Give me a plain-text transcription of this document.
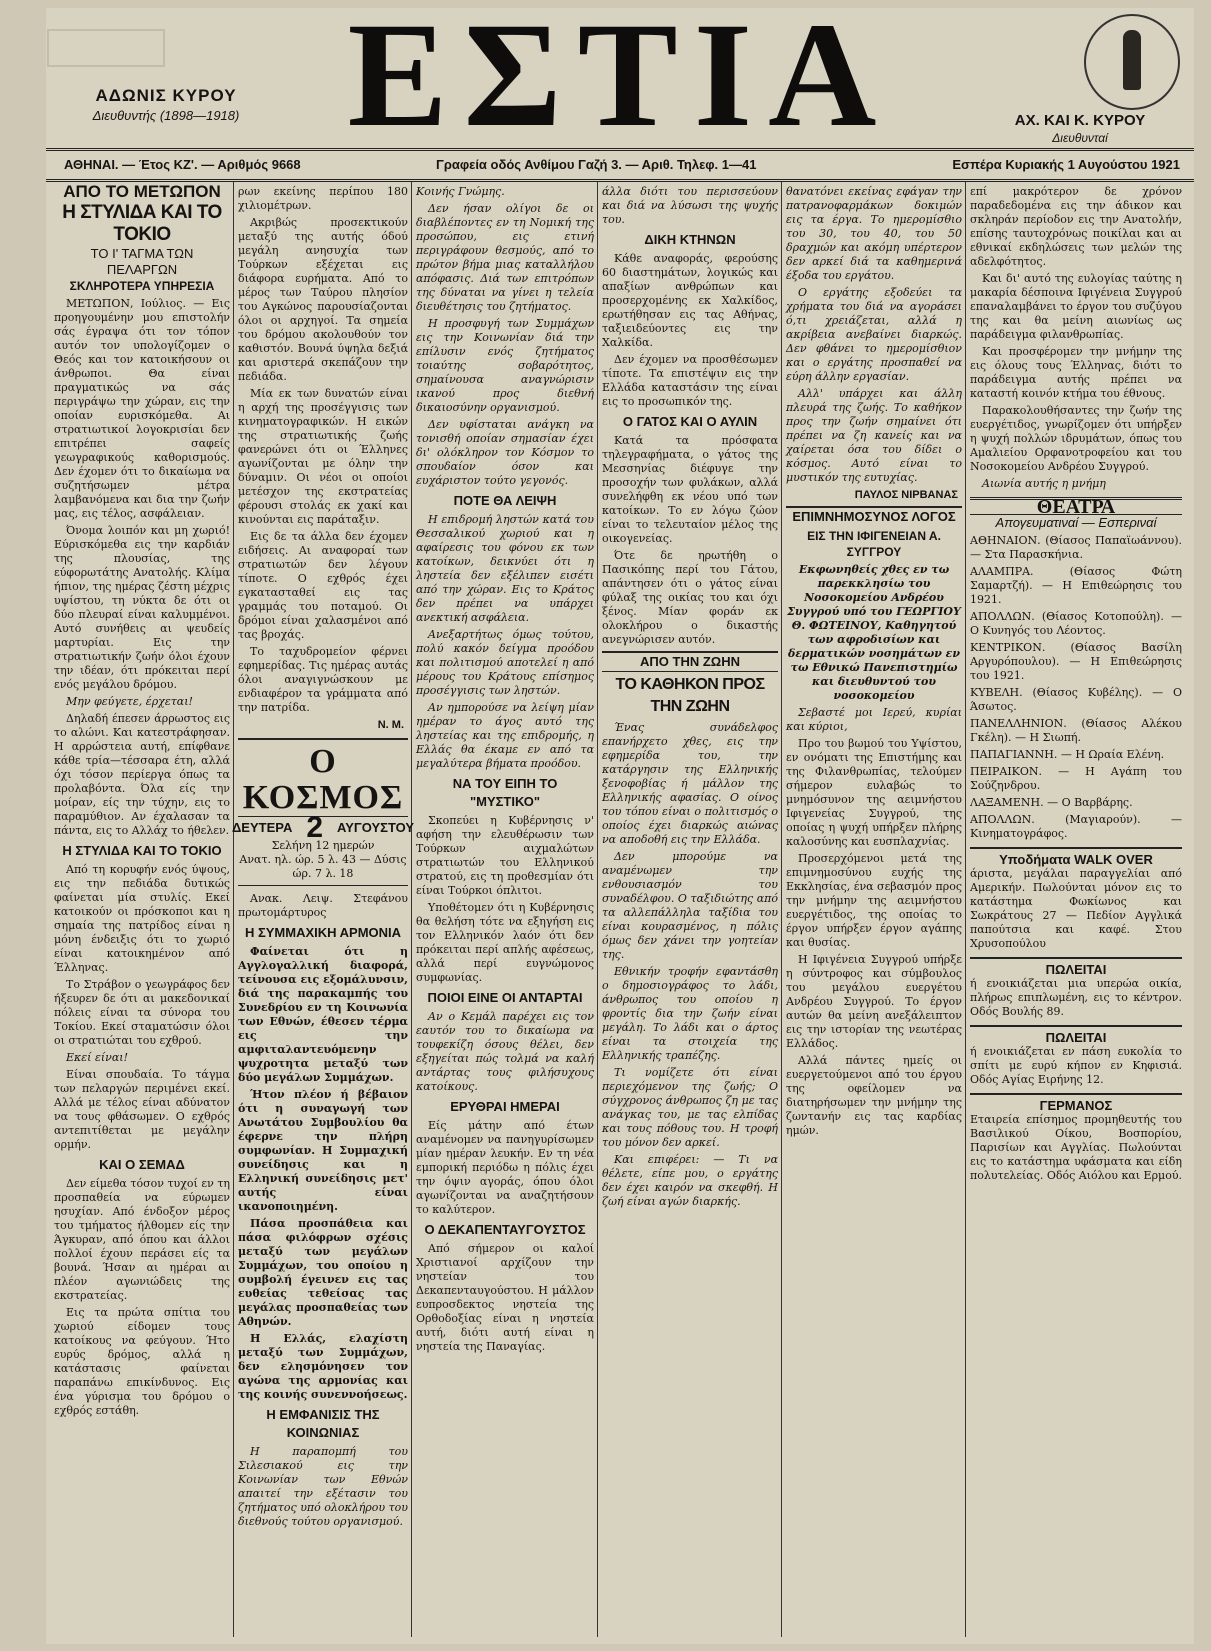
ΕΣΤΙΑ
ΑΔΩΝΙΣ ΚΥΡΟΥ
Διευθυντής (1898—1918)	ΑΧ. ΚΑΙ Κ. ΚΥΡΟΥ
Διευθυνταί
ΑΘΗΝΑΙ. — Έτος ΚΖ'. — Αριθμός 9668	Γραφεία οδός Ανθίμου Γαζή 3. — Αριθ. Τηλεφ. 1—41	Εσπέρα Κυριακής 1 Αυγούστου 1921
ΑΠΟ ΤΟ ΜΕΤΩΠΟΝ
Η ΣΤΥΛΙΔΑ ΚΑΙ ΤΟ ΤΟΚΙΟ
ΤΟ Ι' ΤΑΓΜΑ ΤΩΝ ΠΕΛΑΡΓΩΝ
ΣΚΛΗΡΟΤΕΡΑ ΥΠΗΡΕΣΙΑ

ΜΕΤΩΠΟΝ, Ιούλιος. — Εις προηγουμένην μου επιστολήν σάς έγραψα ότι τον τόπον αυτόν τον υπολογίζομεν ο Θεός και τον κατοικήσουν οι άνθρωποι. Θα είναι πραγματικώς να σάς περιγράψω την χώραν, εις την οποίαν ευρισκόμεθα. Αι στρατιωτικοί λογοκρισίαι δεν επιτρέπει σαφείς γεωγραφικούς καθορισμούς. Δεν έχομεν ότι το δικαίωμα να συζητήσωμεν μέτρα λαμβανόμενα και δια την ζωήν μας, εις τέλος, ασφάλειαν.

Όνομα λοιπόν και μη χωριό! Εύρισκόμεθα εις την καρδιάν της πλουσίας, της εύφορωτάτης Ανατολής. Κλίμα ήπιον, της ημέρας ζέστη μέχρις υψίστου, τη νύκτα δε ότι οι δύο πλευραί είναι καλυμμένοι. Αυτό συνήθεις αι ψευδείς μαρτυρίαι. Εις την στρατιωτικήν ζωήν όλοι έχουν την ιδέαν, ότι πρόκειται περί ενός μεγάλου δρόμου.

Μην φεύγετε, έρχεται!

Δηλαδή έπεσεν άρρωστος εις το αλώνι. Και κατεστράφησαν. Η αρρώστεια αυτή, επίφθανε κάθε τρία—τέσσαρα έτη, αλλά όχι τόσον περίεργα όπως τα προλαβόντα. Όλα είς την μοίραν, είς την τύχην, εις το παραμύθιον. Αν έχαλασαν τα πάντα, εις το Αλλάχ το ήθελεν.

Η ΣΤΥΛΙΔΑ ΚΑΙ ΤΟ ΤΟΚΙΟ

Από τη κορυφήν ενός ύψους, εις την πεδιάδα δυτικώς φαίνεται μία στυλίς. Εκεί κατοικούν οι πρόσκοποι και η σημαία της πατρίδος είναι η μόνη ένδειξις ότι το χωριό είναι κατοικημένον από Έλληνας.

Το Στράβον ο γεωγράφος δεν ήξευρεν δε ότι αι μακεδονικαί πόλεις είναι τα σύνορα του Τοκίου. Εκεί σταματώσιν όλοι οι στρατιώται του εχθρού.

Εκεί είναι!

Είναι σπουδαία. Το τάγμα των πελαργών περιμένει εκεί. Αλλά με τέλος είναι αδύνατον να τους φθάσωμεν. Ο εχθρός αντεπιτίθεται με μεγάλην ορμήν.

ΚΑΙ Ο ΣΕΜΑΔ

Δεν είμεθα τόσον τυχοί εν τη προσπαθεία να εύρωμεν ησυχίαν. Από ένδοξον μέρος του τμήματος ήλθομεν είς την Άγκυραν, από όπου και άλλοι πολλοί έχουν περάσει είς τα βουνά. Ήσαν αι ημέραι αι πλέον αγωνιώδεις της εκστρατείας.

Εις τα πρώτα σπίτια του χωριού είδομεν τους κατοίκους να φεύγουν. Ήτο ευρύς δρόμος, αλλά η κατάστασις φαίνεται παραπάνω επικίνδυνος. Εις ένα γύρισμα του δρόμου ο εχθρός εστάθη.

ρων εκείνης περίπου 180 χιλιομέτρων.

Ακριβώς προσεκτικούν μεταξύ της αυτής όδού μεγάλη ανησυχία των Τούρκων εξέχεται εις διάφορα ευρήματα. Από το μέρος των Ταύρου πλησίον του Αγκώνος παρουσίαζονται όλοι οι αρχηγοί. Τα σημεία του δρόμου ακολουθούν τον καθιστόν. Βουνά ύψηλα δεξιά και αριστερά σκεπάζουν την πεδιάδα.

Μία εκ των δυνατών είναι η αρχή της προσέγγισις των κινηματογραφικών. Η εικών της στρατιωτικής ζωής φανερώνει ότι οι Έλληνες αγωνίζονται με όλην την δύναμιν. Οι νέοι οι οποίοι μετέσχον της εκστρατείας φέρουσι στολάς εκ χακί και κινούνται εις παράταξιν.

Εις δε τα άλλα δεν έχομεν ειδήσεις. Αι αναφοραί των στρατιωτών δεν λέγουν τίποτε. Ο εχθρός έχει εγκατασταθεί εις τας γραμμάς του ποταμού. Οι δρόμοι είναι χαλασμένοι από τας βροχάς.

Το ταχυδρομείον φέρνει εφημερίδας. Τις ημέρας αυτάς όλοι αναγιγνώσκουν με ενδιαφέρον τα γράμματα από την πατρίδα.

Ν. Μ.
Ο ΚΟΣΜΟΣ
ΔΕΥΤΕΡΑ 2 ΑΥΓΟΥΣΤΟΥ
Σελήνη 12 ημερών
Ανατ. ηλ. ώρ. 5 λ. 43 — Δύσις ώρ. 7 λ. 18

Ανακ. Λειψ. Στεφάνου πρωτομάρτυρος

Η ΣΥΜΜΑΧΙΚΗ ΑΡΜΟΝΙΑ

Φαίνεται ότι η Αγγλογαλλική διαφορά, τείνουσα εις εξομάλυνσιν, διά της παρακαμπής του Συνεδρίου εν τη Κοινωνία των Εθνών, έθεσεν τέρμα εις την αμφιταλαντευόμενην ψυχροτητα μεταξύ των δύο μεγάλων Συμμάχων.

Ήτον πλέον ή βέβαιον ότι η συναγωγή των Ανωτάτου Συμβουλίου θα έφερνε την πλήρη συμφωνίαν. Η Συμμαχική συνείδησις και η Ελληνική συνείδησις μετ' αυτής είναι ικανοποιημένη.

Πάσα προσπάθεια και πάσα φιλόφρων σχέσις μεταξύ των μεγάλων Συμμάχων, του οποίου η συμβολή έγεινεν εις τας ευθείας τεθείσας τας μεγάλας προσπαθείας των Αθηνών.

Η Ελλάς, ελαχίστη μεταξύ των Συμμάχων, δεν ελησμόνησεν τον αγώνα της αρμονίας και της κοινής συνεννοήσεως.

Η ΕΜΦΑΝΙΣΙΣ ΤΗΣ ΚΟΙΝΩΝΙΑΣ

Η παραπομπή του Σιλεσιακού εις την Κοινωνίαν των Εθνών απαιτεί την εξέτασιν του ζητήματος υπό ολοκλήρου του διεθνούς τούτου οργανισμού.

Κοινής Γνώμης.

Δεν ήσαν ολίγοι δε οι διαβλέποντες εν τη Νομική της προσώπου, εις ετινή περιγράφουν θεσμούς, από το πρώτον βήμα μιας καταλλήλου απόφασις. Διά των επιτρόπων της δύναται να γίνει η τελεία διευθέτησις του ζητήματος.

Η προσφυγή των Συμμάχων εις την Κοινωνίαν διά την επίλυσιν ενός ζητήματος τοιαύτης σοβαρότητος, σημαίνουσα αναγνώρισιν ικανού προς διεθνή δικαιοσύνην οργανισμού.

Δεν υφίσταται ανάγκη να τονισθή οποίαν σημασίαν έχει δι' ολόκληρον τον Κόσμον το σπουδαίον όσον και ευχάριστον τούτο γεγονός.

ΠΟΤΕ ΘΑ ΛΕΙΨΗ

Η επιδρομή ληστών κατά του Θεσσαλικού χωριού και η αφαίρεσις του φόνου εκ των κατοίκων, δεικνύει ότι η ληστεία δεν εξέλιπεν εισέτι από την χώραν. Εις το Κράτος δεν πρέπει να υπάρχει ανεκτική ασφάλεια.

Ανεξαρτήτως όμως τούτου, πολύ κακόν δείγμα προόδου και πολιτισμού αποτελεί η από μέρους του Κράτους επίσημος προσέγγισις των ληστών.

Αν ημπορούσε να λείψη μίαν ημέραν το άγος αυτό της ληστείας και της επιδρομής, η Ελλάς θα έκαμε εν από τα μεγαλύτερα βήματα προόδου.

ΝΑ ΤΟΥ ΕΙΠΗ ΤΟ "ΜΥΣΤΙΚΟ"

Σκοπεύει η Κυβέρνησις ν' αφήση την ελευθέρωσιν των Τούρκων αιχμαλώτων στρατιωτών του Ελληνικού στρατού, εις τη προθεσμίαν ότι είναι Τούρκοι όπλιτοι.

Υποθέτομεν ότι η Κυβέρνησις θα θελήση τότε να εξηγήση εις τον Ελληνικόν λαόν ότι δεν πρόκειται περί απλής αφέσεως, αλλά περί ευγνώμονος συμφωνίας.

ΠΟΙΟΙ ΕΙΝΕ ΟΙ ΑΝΤΑΡΤΑΙ

Αν ο Κεμάλ παρέχει εις τον εαυτόν του το δικαίωμα να τουφεκίζη όσους θέλει, δεν εξηγείται πώς τολμά να καλή αντάρτας τους φιλήσυχους κατοίκους.

ΕΡΥΘΡΑΙ ΗΜΕΡΑΙ

Είς μάτην από έτων αναμένομεν να πανηγυρίσωμεν μίαν ημέραν λευκήν. Εν τη νέα εμπορική περιόδω η πόλις έχει την όψιν αγοράς, όπου όλοι αγωνίζονται να αναζητήσουν το καλύτερον.

Ο ΔΕΚΑΠΕΝΤΑΥΓΟΥΣΤΟΣ

Από σήμερον οι καλοί Χριστιανοί αρχίζουν την νηστείαν του Δεκαπενταυγούστου. Η μάλλον ευπροσδεκτος νηστεία της Ορθοδοξίας είναι η νηστεία αυτή, διότι αυτή είναι η νηστεία της Παναγίας.

άλλα διότι του περισσεύουν και διά να λύσωσι της ψυχής του.

ΔΙΚΗ ΚΤΗΝΩΝ

Κάθε αναφοράς, φερούσης 60 διαστημάτων, λογικώς και απαξίων ανθρώπων και προσερχομένης εκ Χαλκίδος, ερωτήθησαν εις τας Αθήνας, ταξιειδεύοντες εις την Χαλκίδα.

Δεν έχομεν να προσθέσωμεν τίποτε. Τα επιστέψιν εις την Ελλάδα καταστάσιν της είναι εις το προσωπικόν της.

Ο ΓΑΤΟΣ ΚΑΙ Ο ΑΥΛΙΝ

Κατά τα πρόσφατα τηλεγραφήματα, ο γάτος της Μεσσηνίας διέφυγε την προσοχήν των φυλάκων, αλλά συνελήφθη εκ νέου υπό των κατοίκων. Το εν λόγω ζώον είναι το τελευταίον μέλος της οικογενείας.

Ότε δε ηρωτήθη ο Πασικόπης περί του Γάτου, απάντησεν ότι ο γάτος είναι φύλαξ της οικίας του και όχι ξένος. Μίαν φοράν εκ ολοκλήρου ο δικαστής ανεγνώρισεν αυτόν.

ΑΠΟ ΤΗΝ ΖΩΗΝ
ΤΟ ΚΑΘΗΚΟΝ ΠΡΟΣ ΤΗΝ ΖΩΗΝ

Ένας συνάδελφος επανήρχετο χθες, εις την εφημερίδα του, την κατάργησιν της Ελληνικής ξενοφοβίας ή μάλλον της Ελληνικής αφασίας. Ο οίνος του τόπου είναι ο πολιτισμός ο οποίος έχει διαρκώς αιώνας να αποδοθή εις την Ελλάδα.

Δεν μπορούμε να αναμένωμεν την ενθουσιασμόν του συναδέλφου. Ο ταξιδιώτης από τα αλλεπάλληλα ταξίδια του είναι κουρασμένος, η πόλις όμως δεν χάνει την γοητείαν της.

Εθνικήν τροφήν εφαντάσθη ο δημοσιογράφος το λάδι, άνθρωπος του οποίου η φροντίς δια την ζωήν είναι μεγάλη. Το λάδι και ο άρτος είναι τα στοιχεία της Ελληνικής τραπέζης.

Τι νομίζετε ότι είναι περιεχόμενον της ζωής; Ο σύγχρονος άνθρωπος ζη με τας ανάγκας του, με τας ελπίδας και τους πόθους του. Η τροφή του μόνον δεν αρκεί.

Και επιφέρει: — Τι να θέλετε, είπε μου, ο εργάτης δεν έχει καιρόν να σκεφθή. Η ζωή είναι αγών διαρκής.

θανατόνει εκείνας εφάγαν την πατρανοφαρμάκων δοκιμών εις τα έργα. Το ημερομίσθιο του 30, του 40, του 50 δραχμών και ακόμη υπέρτερον δεν αρκεί διά τα καθημερινά έξοδα του εργάτου.

Ο εργάτης εξοδεύει τα χρήματα του διά να αγοράσει ό,τι χρειάζεται, αλλά η ακρίβεια ανεβαίνει διαρκώς. Δεν φθάνει το ημερομίσθιον και ο εργάτης προσπαθεί να εύρη άλλην εργασίαν.

Αλλ' υπάρχει και άλλη πλευρά της ζωής. Το καθήκον προς την ζωήν σημαίνει ότι πρέπει να ζη κανείς και να χαίρεται όσα του δίδει ο κόσμος. Αυτό είναι το μυστικόν της ευτυχίας.

ΠΑΥΛΟΣ ΝΙΡΒΑΝΑΣ
ΕΠΙΜΝΗΜΟΣΥΝΟΣ ΛΟΓΟΣ
ΕΙΣ ΤΗΝ ΙΦΙΓΕΝΕΙΑΝ Α. ΣΥΓΓΡΟΥ

Εκφωνηθείς χθες εν τω παρεκκλησίω του Νοσοκομείου Ανδρέου Συγγρού υπό του ΓΕΩΡΓΙΟΥ Θ. ΦΩΤΕΙΝΟΥ, Καθηγητού των αφροδισίων και δερματικών νοσημάτων εν τω Εθνικώ Πανεπιστημίω και διευθυντού του νοσοκομείου

Σεβαστέ μοι Ιερεύ, κυρίαι και κύριοι,

Προ του βωμού του Υψίστου, εν ονόματι της Επιστήμης και της Φιλανθρωπίας, τελούμεν σήμερον ευλαβώς το μνημόσυνον της αειμνήστου Ιφιγενείας Συγγρού, της οποίας η ψυχή υπήρξεν πλήρης καλοσύνης και ευσπλαχνίας.

Προσερχόμενοι μετά της επιμνημοσύνου ευχής της Εκκλησίας, ένα σεβασμόν προς την μνήμην της αειμνήστου ευεργέτιδος, της οποίας το έργον υπήρξεν έργον αγάπης και θυσίας.

Η Ιφιγένεια Συγγρού υπήρξε η σύντροφος και σύμβουλος του μεγάλου ευεργέτου Ανδρέου Συγγρού. Το έργον αυτών θα μείνη ανεξάλειπτον εις την ιστορίαν της νεωτέρας Ελλάδος.

Αλλά πάντες ημείς οι ευεργετούμενοι από του έργου της οφείλομεν να διατηρήσωμεν την μνήμην της ζωντανήν εις τας καρδίας ημών.

επί μακρότερον δε χρόνον παραδεδομένα εις την άδικον και σκληράν περίοδον εις την Ανατολήν, επίσης ταυτοχρόνως ποικίλαι και αι εθνικαί εκδηλώσεις των μελών της αδελφότητος.

Και δι' αυτό της ευλογίας ταύτης η μακαρία δέσποινα Ιφιγένεια Συγγρού επαναλαμβάνει το έργον του συζύγου της και θα μείνη αιωνίως ως παράδειγμα φιλανθρωπίας.

Και προσφέρομεν την μνήμην της εις όλους τους Έλληνας, διότι το παράδειγμα αυτής πρέπει να καταστή κοινόν κτήμα του έθνους.

Παρακολουθήσαντες την ζωήν της ευεργέτιδος, γνωρίζομεν ότι υπήρξεν η ψυχή πολλών ιδρυμάτων, όπως του Αμαλιείου Ορφανοτροφείου και του Νοσοκομείου Ανδρέου Συγγρού.

Αιωνία αυτής η μνήμη

ΘΕΑΤΡΑ
Απογευματιναί — Εσπεριναί

ΑΘΗΝΑΙΟΝ. (Θίασος Παπαϊωάννου). — Στα Παρασκήνια.

ΑΛΑΜΠΡΑ. (Θίασος Φώτη Σαμαρτζή). — Η Επιθεώρησις του 1921.

ΑΠΟΛΛΩΝ. (Θίασος Κοτοπούλη). — Ο Κυνηγός του Λέοντος.

ΚΕΝΤΡΙΚΟΝ. (Θίασος Βασίλη Αργυρόπουλου). — Η Επιθεώρησις του 1921.

ΚΥΒΕΛΗ. (Θίασος Κυβέλης). — Ο Άσωτος.

ΠΑΝΕΛΛΗΝΙΟΝ. (Θίασος Αλέκου Γκέλη). — Η Σιωπή.

ΠΑΠΑΓΙΑΝΝΗ. — Η Ωραία Ελένη.

ΠΕΙΡΑΙΚΟΝ. — Η Αγάπη του Σούζηνδρου.

ΛΑΞΑΜΕΝΗ. — Ο Βαρβάρης.

ΑΠΟΛΛΩΝ. (Μαγιαρούν). — Κινηματογράφος.

Υποδήματα WALK OVER
άριστα, μεγάλαι παραγγελίαι από Αμερικήν. Πωλούνται μόνον εις το κατάστημα Φωκίωνος και Σωκράτους 27 — Πεδίον Αγγλικά παπούτσια και καφέ. Στου Χρυσοπούλου
ΠΩΛΕΙΤΑΙ
ή ενοικιάζεται μια υπερώα οικία, πλήρως επιπλωμένη, εις το κέντρον. Οδός Βουλής 89.
ΠΩΛΕΙΤΑΙ
ή ενοικιάζεται εν πάση ευκολία το σπίτι με ευρύ κήπον εν Κηφισιά. Οδός Αγίας Ειρήνης 12.
ΓΕΡΜΑΝΟΣ
Εταιρεία επίσημος προμηθευτής του Βασιλικού Οίκου, Βοσπορίου, Παρισίων και Αγγλίας. Πωλούνται εις το κατάστημα υφάσματα και είδη πολυτελείας. Οδός Αιόλου και Ερμού.
